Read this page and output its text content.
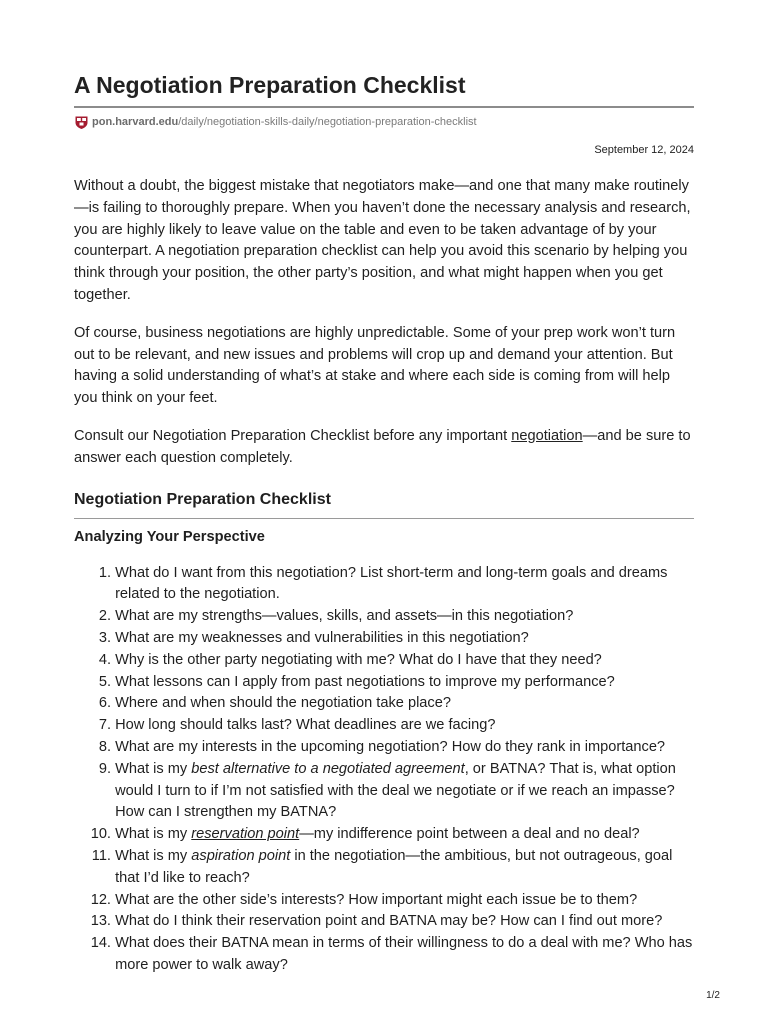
A Negotiation Preparation Checklist
pon.harvard.edu /daily/negotiation-skills-daily/negotiation-preparation-checklist
September 12, 2024

Without a doubt, the biggest mistake that negotiators make—and one that many make routinely—is failing to thoroughly prepare. When you haven’t done the necessary analysis and research, you are highly likely to leave value on the table and even to be taken advantage of by your counterpart. A negotiation preparation checklist can help you avoid this scenario by helping you think through your position, the other party’s position, and what might happen when you get together.

Of course, business negotiations are highly unpredictable. Some of your prep work won’t turn out to be relevant, and new issues and problems will crop up and demand your attention. But having a solid understanding of what’s at stake and where each side is coming from will help you think on your feet.

Consult our Negotiation Preparation Checklist before any important negotiation—and be sure to answer each question completely.

Negotiation Preparation Checklist
Analyzing Your Perspective
1.
What do I want from this negotiation? List short-term and long-term goals and dreams related to the negotiation.
2.
What are my strengths—values, skills, and assets—in this negotiation?
3.
What are my weaknesses and vulnerabilities in this negotiation?
4.
Why is the other party negotiating with me? What do I have that they need?
5.
What lessons can I apply from past negotiations to improve my performance?
6.
Where and when should the negotiation take place?
7.
How long should talks last? What deadlines are we facing?
8.
What are my interests in the upcoming negotiation? How do they rank in importance?
9.
What is my best alternative to a negotiated agreement, or BATNA? That is, what option would I turn to if I’m not satisfied with the deal we negotiate or if we reach an impasse? How can I strengthen my BATNA?
10.
What is my reservation point—my indifference point between a deal and no deal?
11.
What is my aspiration point in the negotiation—the ambitious, but not outrageous, goal that I’d like to reach?
12.
What are the other side’s interests? How important might each issue be to them?
13.
What do I think their reservation point and BATNA may be? How can I find out more?
14.
What does their BATNA mean in terms of their willingness to do a deal with me? Who has more power to walk away?
1/2
